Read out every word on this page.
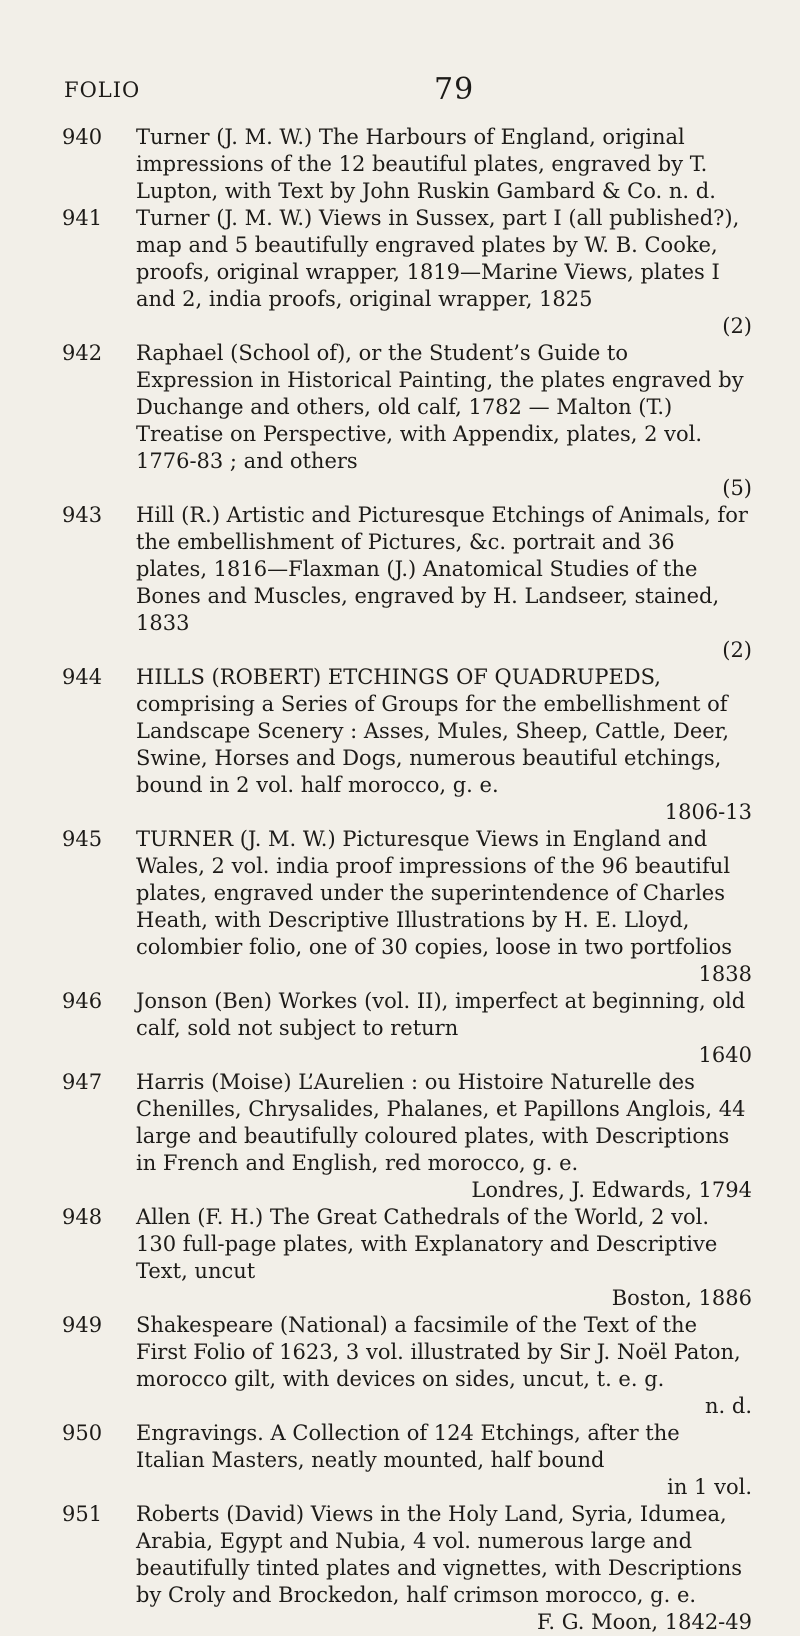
FOLIO	79
940 Turner (J. M. W.) The Harbours of England, original impressions of the 12 beautiful plates, engraved by T. Lupton, with Text by John Ruskin Gambard & Co. n. d.
941 Turner (J. M. W.) Views in Sussex, part I (all published?), map and 5 beautifully engraved plates by W. B. Cooke, proofs, original wrapper, 1819—Marine Views, plates I and 2, india proofs, original wrapper, 1825
(2)
942 Raphael (School of), or the Student’s Guide to Expression in Historical Painting, the plates engraved by Duchange and others, old calf, 1782 — Malton (T.) Treatise on Perspective, with Appendix, plates, 2 vol. 1776-83 ; and others
(5)
943 Hill (R.) Artistic and Picturesque Etchings of Animals, for the embellishment of Pictures, &c. portrait and 36 plates, 1816—Flaxman (J.) Anatomical Studies of the Bones and Muscles, engraved by H. Landseer, stained, 1833
(2)
944 HILLS (ROBERT) ETCHINGS OF QUADRUPEDS, comprising a Series of Groups for the embellishment of Landscape Scenery : Asses, Mules, Sheep, Cattle, Deer, Swine, Horses and Dogs, numerous beautiful etchings, bound in 2 vol. half morocco, g. e.
1806-13
945 TURNER (J. M. W.) Picturesque Views in England and Wales, 2 vol. india proof impressions of the 96 beautiful plates, engraved under the superintendence of Charles Heath, with Descriptive Illustrations by H. E. Lloyd, colombier folio, one of 30 copies, loose in two portfolios
1838
946 Jonson (Ben) Workes (vol. II), imperfect at beginning, old calf, sold not subject to return
1640
947 Harris (Moise) L’Aurelien : ou Histoire Naturelle des Chenilles, Chrysalides, Phalanes, et Papillons Anglois, 44 large and beautifully coloured plates, with Descriptions in French and English, red morocco, g. e.
Londres, J. Edwards, 1794
948 Allen (F. H.) The Great Cathedrals of the World, 2 vol. 130 full-page plates, with Explanatory and Descriptive Text, uncut
Boston, 1886
949 Shakespeare (National) a facsimile of the Text of the First Folio of 1623, 3 vol. illustrated by Sir J. Noël Paton, morocco gilt, with devices on sides, uncut, t. e. g.
n. d.
950 Engravings. A Collection of 124 Etchings, after the Italian Masters, neatly mounted, half bound
in 1 vol.
951 Roberts (David) Views in the Holy Land, Syria, Idumea, Arabia, Egypt and Nubia, 4 vol. numerous large and beautifully tinted plates and vignettes, with Descriptions by Croly and Brockedon, half crimson morocco, g. e.
F. G. Moon, 1842-49
